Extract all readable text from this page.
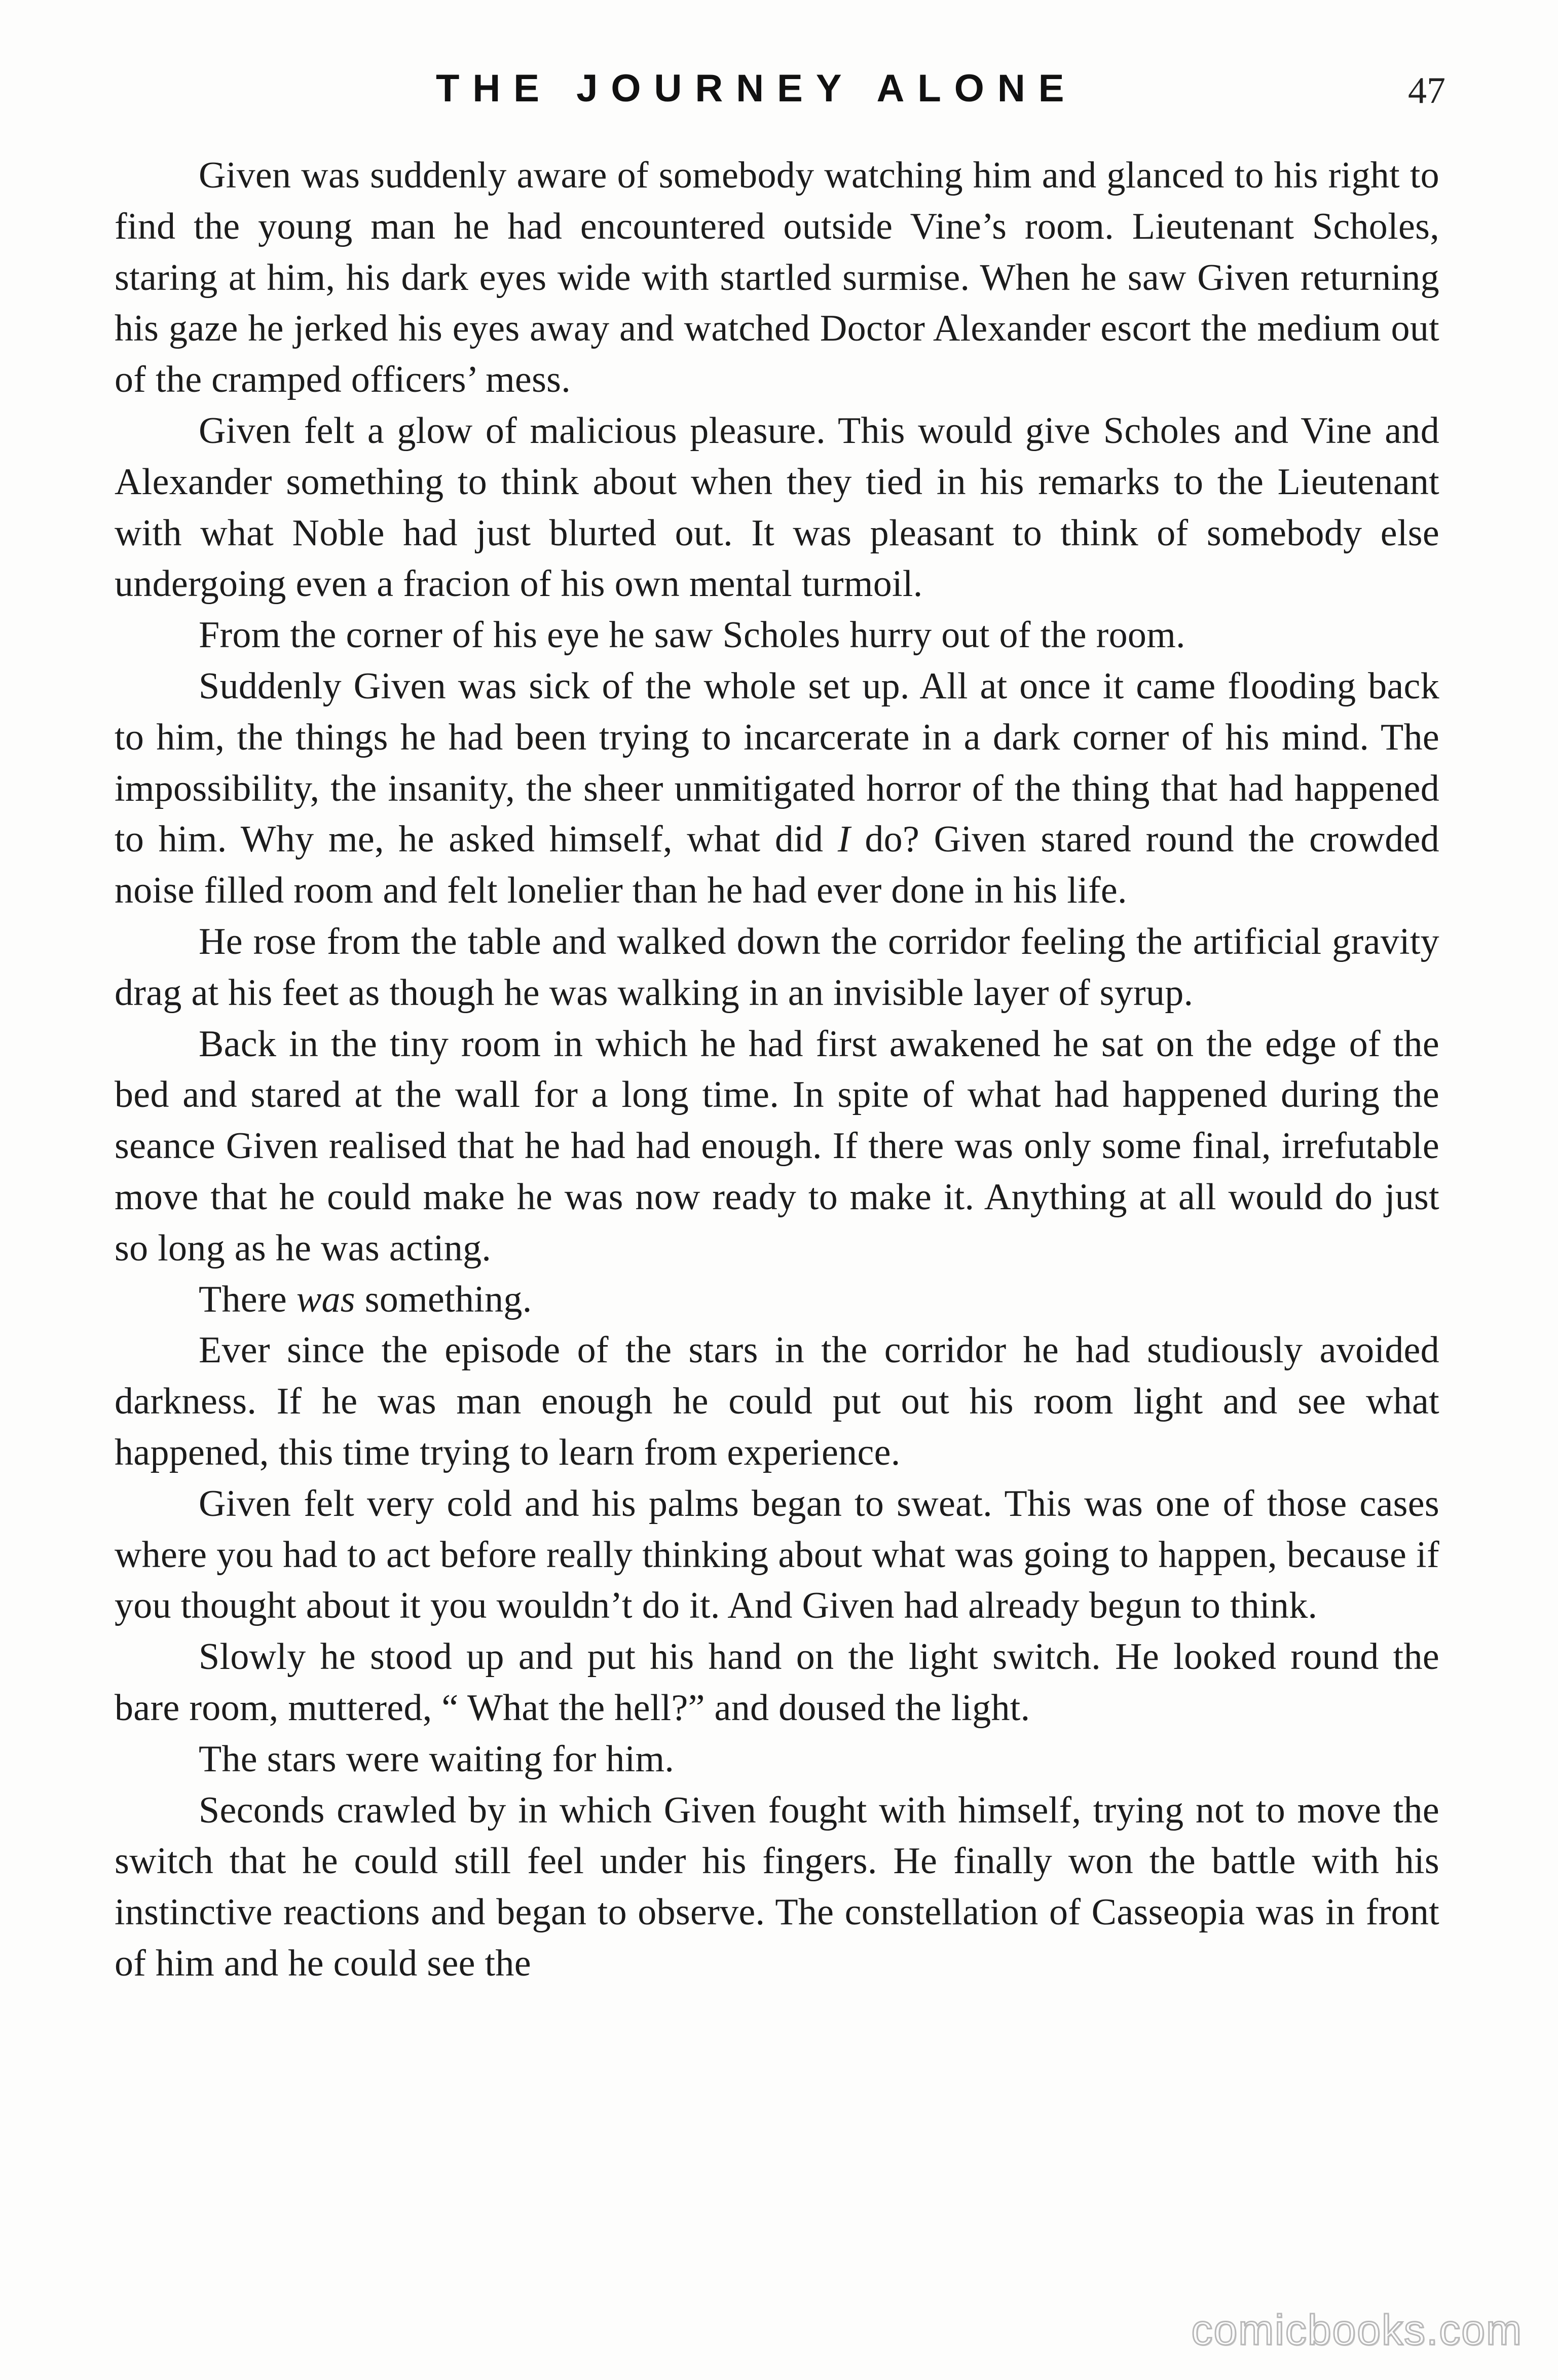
THE JOURNEY ALONE	47

Given was suddenly aware of somebody watching him and glanced to his right to find the young man he had encountered outside Vine’s room. Lieutenant Scholes, staring at him, his dark eyes wide with startled surmise. When he saw Given returning his gaze he jerked his eyes away and watched Doctor Alexander escort the medium out of the cramped officers’ mess.

Given felt a glow of malicious pleasure. This would give Scholes and Vine and Alexander something to think about when they tied in his remarks to the Lieutenant with what Noble had just blurted out. It was pleasant to think of somebody else undergoing even a fracion of his own mental turmoil.

From the corner of his eye he saw Scholes hurry out of the room.

Suddenly Given was sick of the whole set up. All at once it came flooding back to him, the things he had been trying to incarcerate in a dark corner of his mind. The impossibility, the insanity, the sheer unmitigated horror of the thing that had happened to him. Why me, he asked himself, what did I do? Given stared round the crowded noise filled room and felt lonelier than he had ever done in his life.

He rose from the table and walked down the corridor feeling the artificial gravity drag at his feet as though he was walking in an invisible layer of syrup.

Back in the tiny room in which he had first awakened he sat on the edge of the bed and stared at the wall for a long time. In spite of what had happened during the seance Given realised that he had had enough. If there was only some final, irrefutable move that he could make he was now ready to make it. Anything at all would do just so long as he was acting.

There was something.

Ever since the episode of the stars in the corridor he had studiously avoided darkness. If he was man enough he could put out his room light and see what happened, this time trying to learn from experience.

Given felt very cold and his palms began to sweat. This was one of those cases where you had to act before really thinking about what was going to happen, because if you thought about it you wouldn’t do it. And Given had already begun to think.

Slowly he stood up and put his hand on the light switch. He looked round the bare room, muttered, “ What the hell?” and doused the light.

The stars were waiting for him.

Seconds crawled by in which Given fought with himself, trying not to move the switch that he could still feel under his fingers. He finally won the battle with his instinctive reactions and began to observe. The constellation of Casseopia was in front of him and he could see the

comicbooks.com
